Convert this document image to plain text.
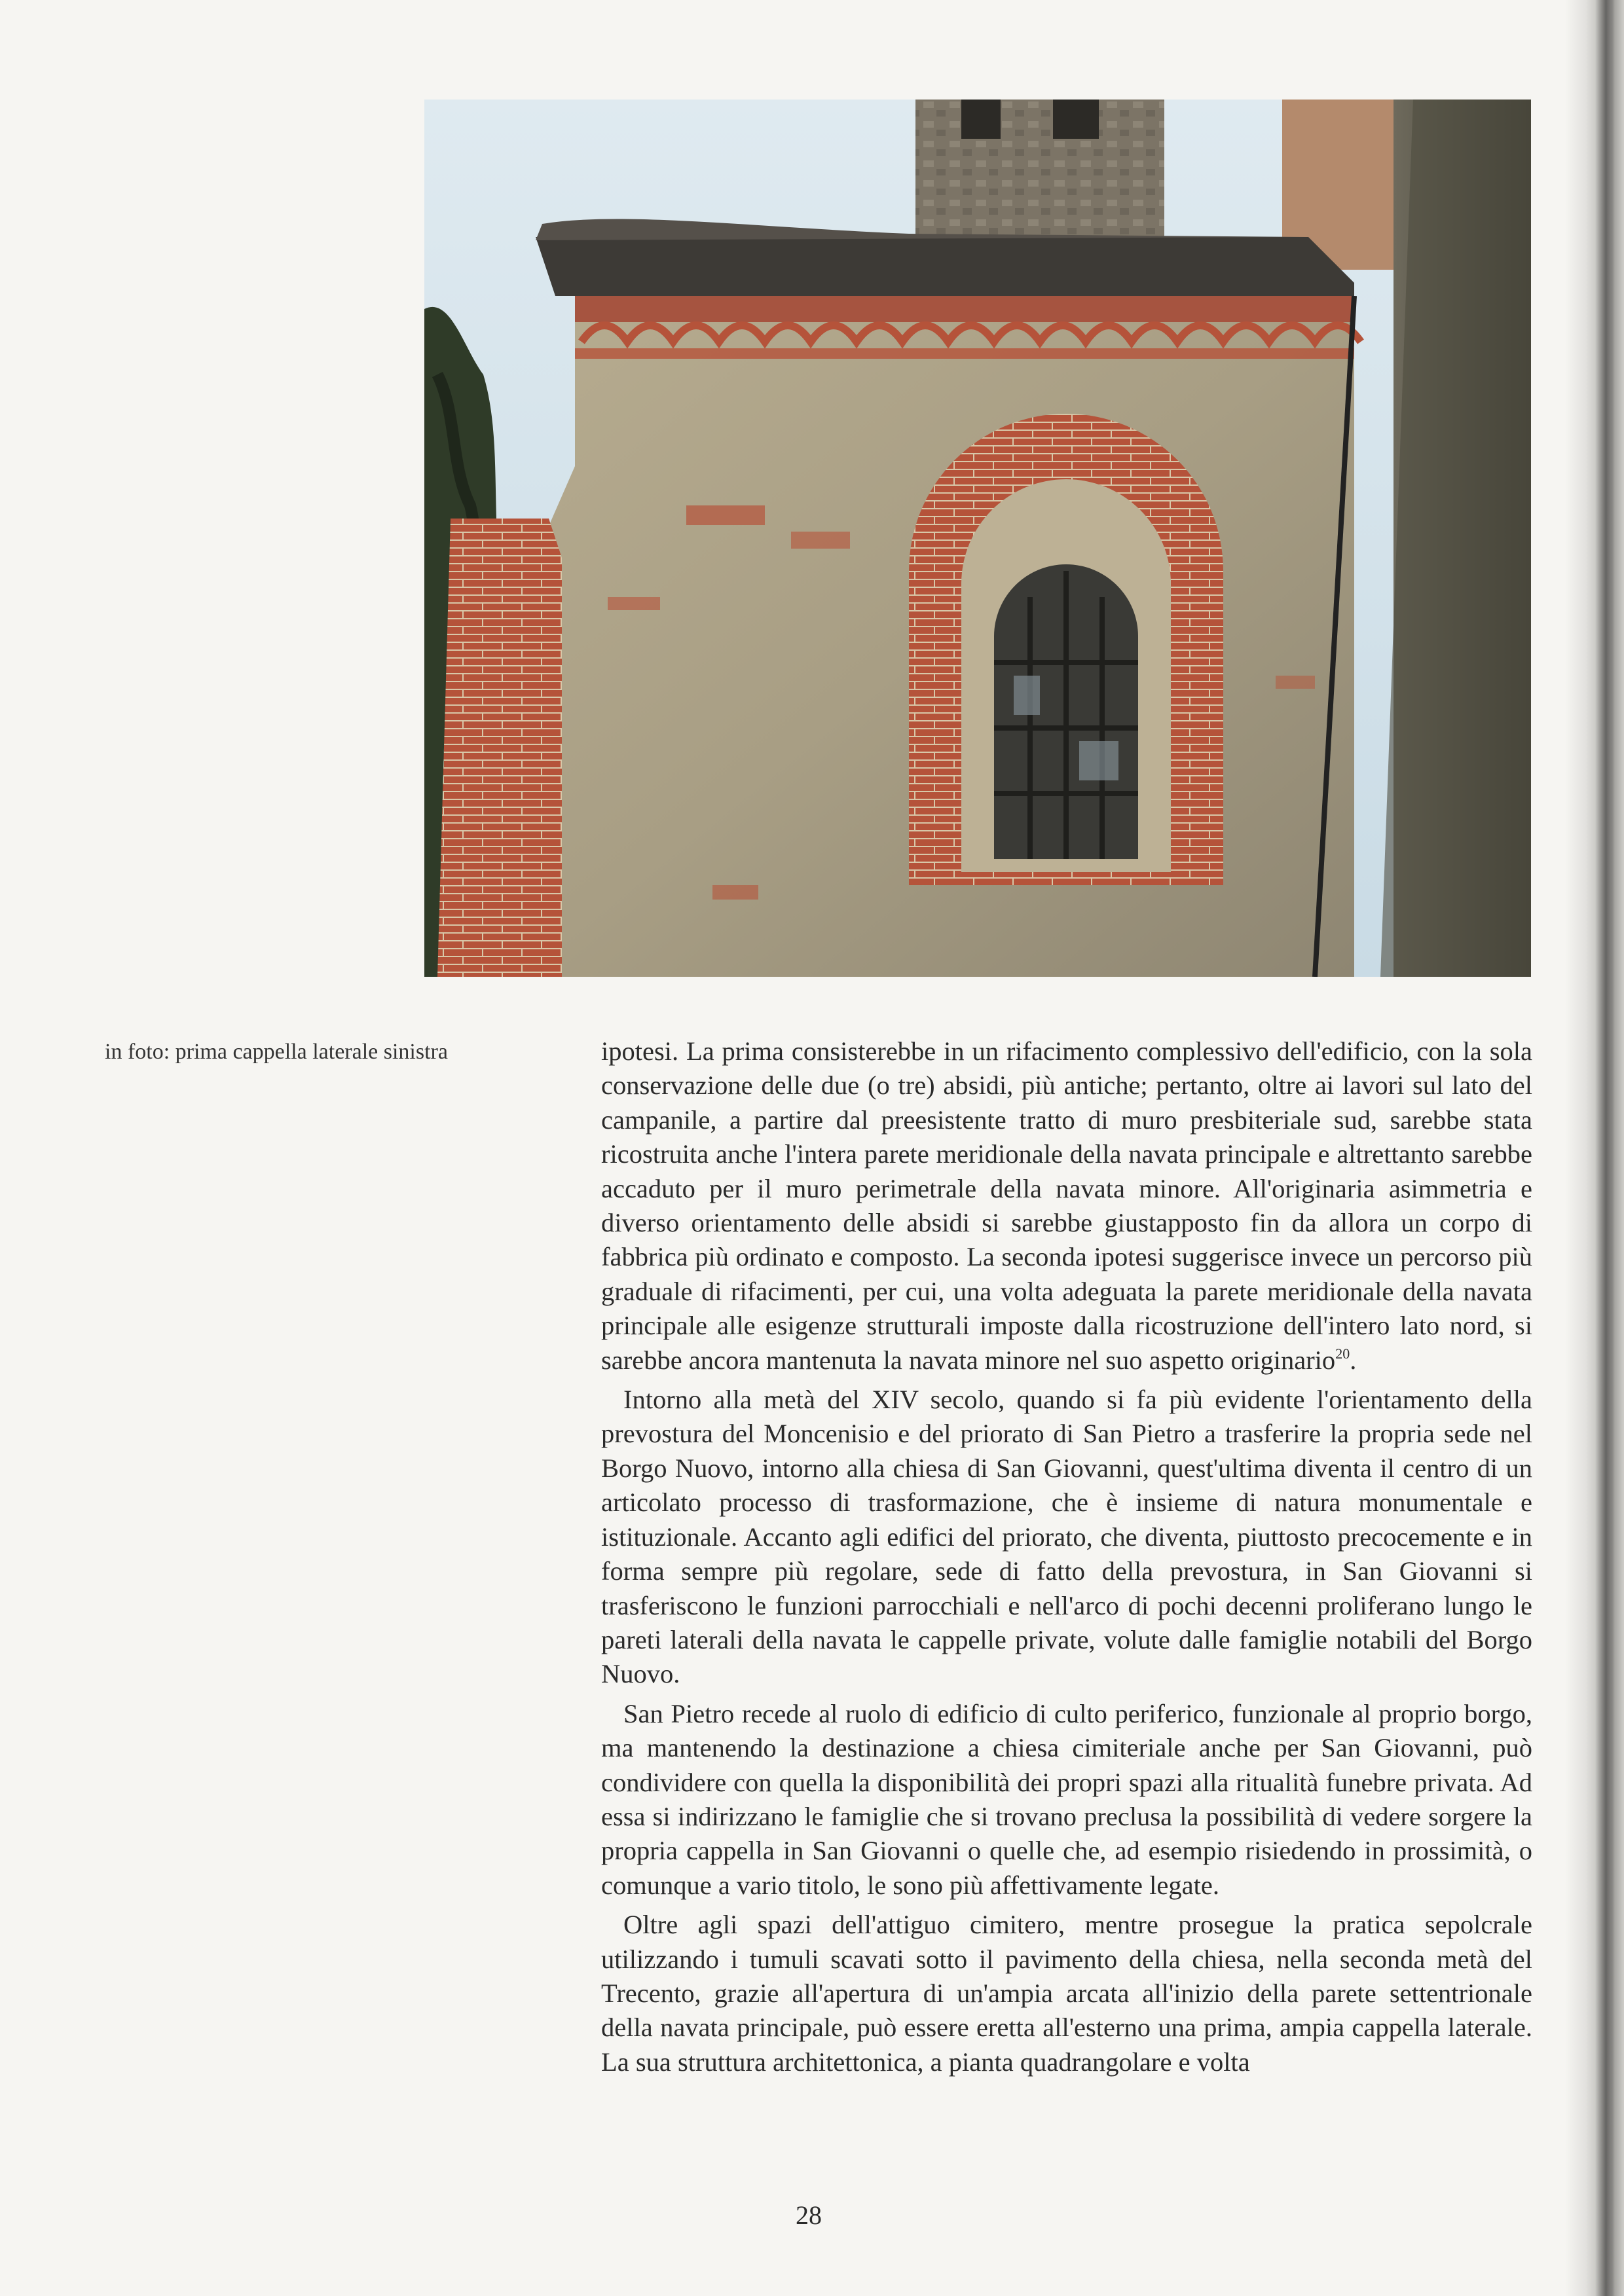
in foto: prima cappella laterale sinistra	ipotesi. La prima consisterebbe in un rifacimento complessivo dell'edificio, con la sola conservazione delle due (o tre) absidi, più antiche; pertanto, oltre ai lavori sul lato del campanile, a partire dal preesistente tratto di muro presbiteriale sud, sarebbe stata ricostruita anche l'intera parete meridionale della navata principale e altrettanto sarebbe accaduto per il muro perimetrale della navata minore. All'originaria asimmetria e diverso orientamento delle absidi si sarebbe giustapposto fin da allora un corpo di fabbrica più ordinato e composto. La seconda ipotesi suggerisce invece un percorso più graduale di rifacimenti, per cui, una volta adeguata la parete meridionale della navata principale alle esigenze strutturali imposte dalla ricostruzione dell'intero lato nord, si sarebbe ancora mantenuta la navata minore nel suo aspetto originario$^{20}$.

Intorno alla metà del XIV secolo, quando si fa più evidente l'orientamento della prevostura del Moncenisio e del priorato di San Pietro a trasferire la propria sede nel Borgo Nuovo, intorno alla chiesa di San Giovanni, quest'ultima diventa il centro di un articolato processo di trasformazione, che è insieme di natura monumentale e istituzionale. Accanto agli edifici del priorato, che diventa, piuttosto precocemente e in forma sempre più regolare, sede di fatto della prevostura, in San Giovanni si trasferiscono le funzioni parrocchiali e nell'arco di pochi decenni proliferano lungo le pareti laterali della navata le cappelle private, volute dalle famiglie notabili del Borgo Nuovo.

San Pietro recede al ruolo di edificio di culto periferico, funzionale al proprio borgo, ma mantenendo la destinazione a chiesa cimiteriale anche per San Giovanni, può condividere con quella la disponibilità dei propri spazi alla ritualità funebre privata. Ad essa si indirizzano le famiglie che si trovano preclusa la possibilità di vedere sorgere la propria cappella in San Giovanni o quelle che, ad esempio risiedendo in prossimità, o comunque a vario titolo, le sono più affettivamente legate.

Oltre agli spazi dell'attiguo cimitero, mentre prosegue la pratica sepolcrale utilizzando i tumuli scavati sotto il pavimento della chiesa, nella seconda metà del Trecento, grazie all'apertura di un'ampia arcata all'inizio della parete settentrionale della navata principale, può essere eretta all'esterno una prima, ampia cappella laterale. La sua struttura architettonica, a pianta quadrangolare e volta

28
